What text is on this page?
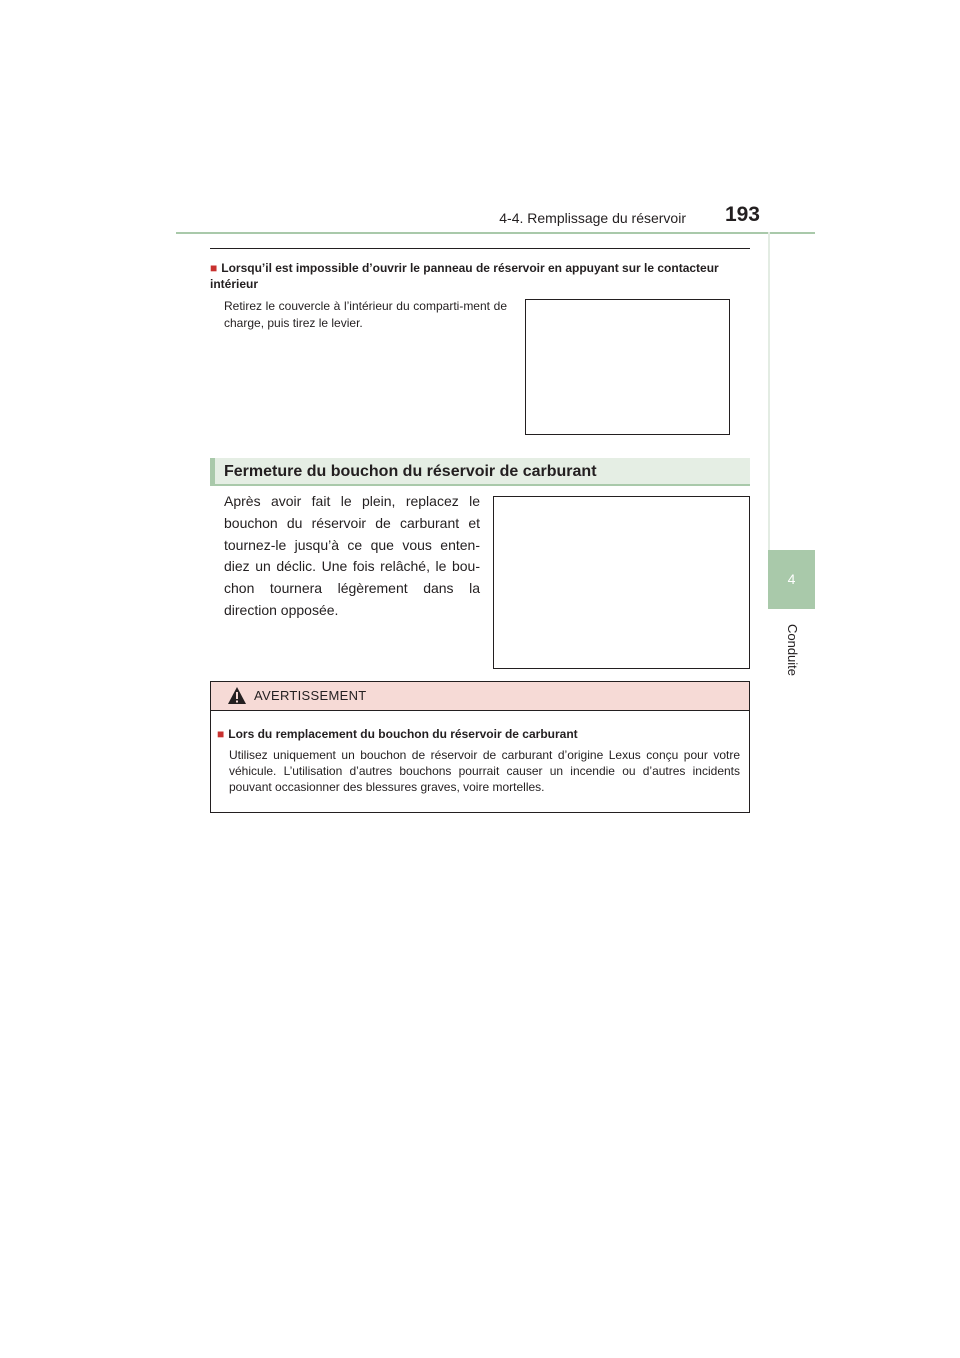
4-4. Remplissage du réservoir	193
4
Conduite
■ Lorsqu’il est impossible d’ouvrir le panneau de réservoir en appuyant sur le contacteur intérieur
Retirez le couvercle à l’intérieur du comparti-ment de charge, puis tirez le levier.
Fermeture du bouchon du réservoir de carburant
Après avoir fait le plein, replacez le bouchon du réservoir de carburant et tournez-le jusqu’à ce que vous enten-diez un déclic. Une fois relâché, le bou-chon tournera légèrement dans la direction opposée.
AVERTISSEMENT
■ Lors du remplacement du bouchon du réservoir de carburant
Utilisez uniquement un bouchon de réservoir de carburant d’origine Lexus conçu pour votre véhicule. L’utilisation d’autres bouchons pourrait causer un incendie ou d’autres incidents pouvant occasionner des blessures graves, voire mortelles.
